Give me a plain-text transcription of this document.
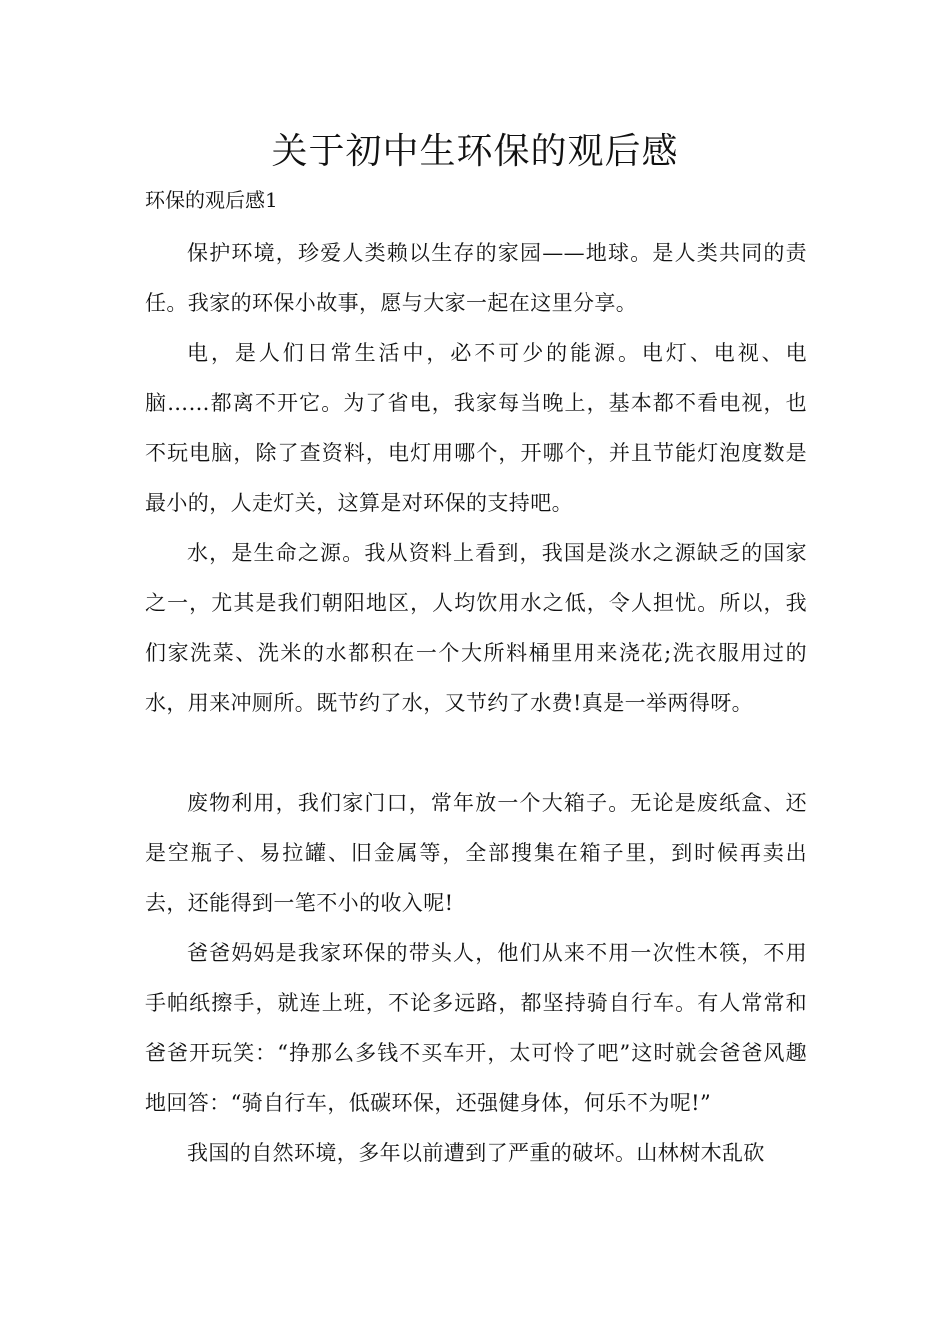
关于初中生环保的观后感

环保的观后感1

保护环境，珍爱人类赖以生存的家园——地球。是人类共同的责任。我家的环保小故事，愿与大家一起在这里分享。

电，是人们日常生活中，必不可少的能源。电灯、电视、电脑……都离不开它。为了省电，我家每当晚上，基本都不看电视，也不玩电脑，除了查资料，电灯用哪个，开哪个，并且节能灯泡度数是最小的，人走灯关，这算是对环保的支持吧。

水，是生命之源。我从资料上看到，我国是淡水之源缺乏的国家之一，尤其是我们朝阳地区，人均饮用水之低，令人担忧。所以，我们家洗菜、洗米的水都积在一个大所料桶里用来浇花;洗衣服用过的水，用来冲厕所。既节约了水，又节约了水费!真是一举两得呀。

废物利用，我们家门口，常年放一个大箱子。无论是废纸盒、还是空瓶子、易拉罐、旧金属等，全部搜集在箱子里，到时候再卖出去，还能得到一笔不小的收入呢!

爸爸妈妈是我家环保的带头人，他们从来不用一次性木筷，不用手帕纸擦手，就连上班，不论多远路，都坚持骑自行车。有人常常和爸爸开玩笑：“挣那么多钱不买车开，太可怜了吧”这时就会爸爸风趣地回答：“骑自行车，低碳环保，还强健身体，何乐不为呢!”

我国的自然环境，多年以前遭到了严重的破坏。山林树木乱砍
